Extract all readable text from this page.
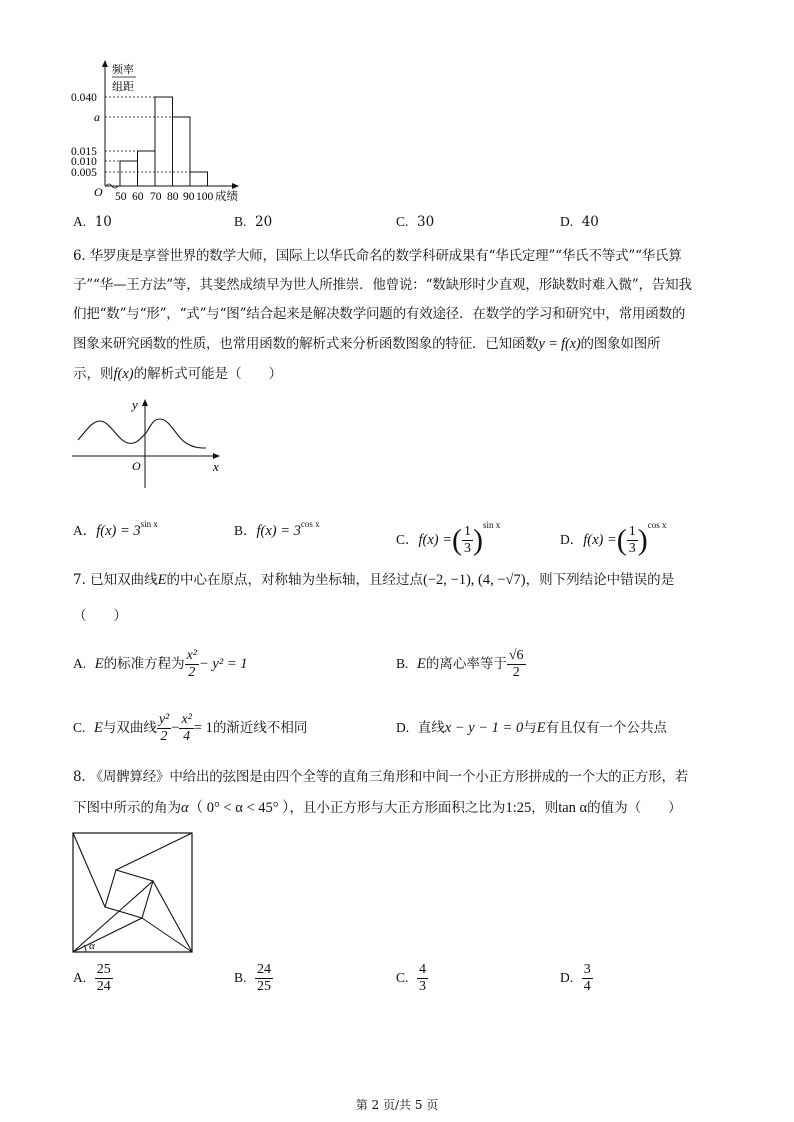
频率
组距
0.040
a
0.015
0.010
0.005
O 50 60 70 80 90 100 成绩
A. 10	B. 20	C. 30	D. 40
6. 华罗庚是享誉世界的数学大师，国际上以华氏命名的数学科研成果有“华氏定理”“华氏不等式”“华氏算
子”“华—王方法”等，其斐然成绩早为世人所推崇．他曾说：“数缺形时少直观，形缺数时难入微”，告知我
们把“数”与“形”，“式”与“图”结合起来是解决数学问题的有效途径．在数学的学习和研究中，常用函数的
图象来研究函数的性质，也常用函数的解析式来分析函数图象的特征．已知函数y = f(x)的图象如图所
示，则f(x)的解析式可能是（　　）
y
x
O
A．$f(x) = 3^{sin x}$	B．$f(x) = 3^{cos x}$
C．f(x) =( $\frac{1}{3} )^{sin x}$
D．f(x) =( $\frac{1}{3} )^{cos x}$
7. 已知双曲线E的中心在原点，对称轴为坐标轴，且经过点(−2, −1), (4, −√7)，则下列结论中错误的是
（　　）
A. E的标准方程为 $\frac{\text{x²}}{2} - y^2 = 1$	B. E的离心率等于 $\frac{√6}{2}$
C. E与双曲线 $\frac{\text{y²}}{2} - \frac{\text{x²}}{4} = 1$的渐近线不相同	D. 直线x − y − 1 = 0与E有且仅有一个公共点
8. 《周髀算经》中给出的弦图是由四个全等的直角三角形和中间一个小正方形拼成的一个大的正方形，若
下图中所示的角为α（ 0° < α < 45° ），且小正方形与大正方形面积之比为1:25，则tan α的值为（　　）
α
A. $\frac{25}{24}$	B. $\frac{24}{25}$	C. $\frac{4}{3}$	D. $\frac{3}{4}$
第 2 页/共 5 页
